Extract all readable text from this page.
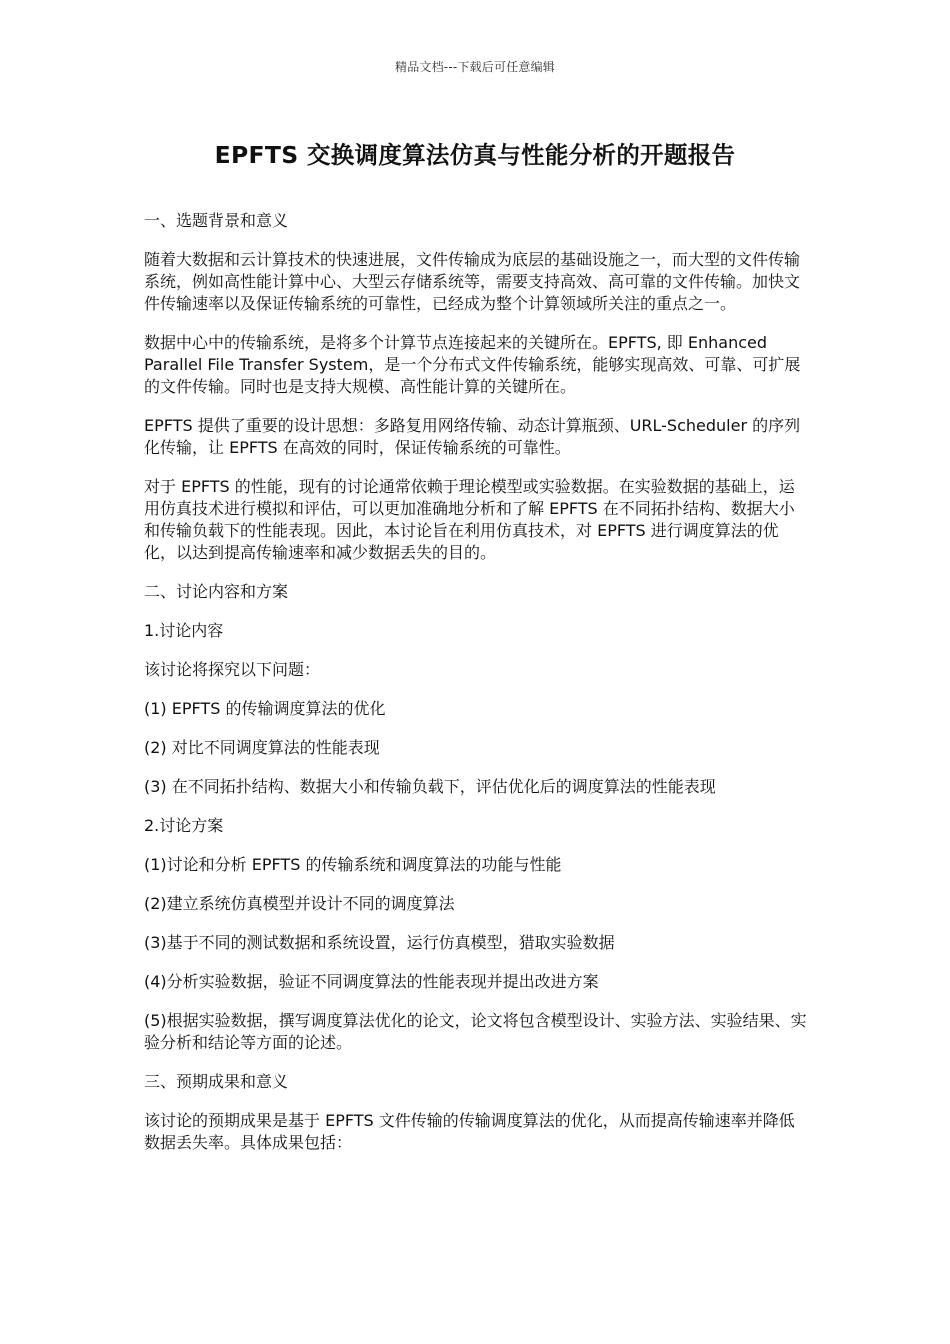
精品文档---下载后可任意编辑
EPFTS 交换调度算法仿真与性能分析的开题报告

一、选题背景和意义

随着大数据和云计算技术的快速进展，文件传输成为底层的基础设施之一，而大型的文件传输系统，例如高性能计算中心、大型云存储系统等，需要支持高效、高可靠的文件传输。加快文件传输速率以及保证传输系统的可靠性，已经成为整个计算领域所关注的重点之一。

数据中心中的传输系统，是将多个计算节点连接起来的关键所在。EPFTS, 即 Enhanced Parallel File Transfer System，是一个分布式文件传输系统，能够实现高效、可靠、可扩展的文件传输。同时也是支持大规模、高性能计算的关键所在。

EPFTS 提供了重要的设计思想：多路复用网络传输、动态计算瓶颈、URL-Scheduler 的序列化传输，让 EPFTS 在高效的同时，保证传输系统的可靠性。

对于 EPFTS 的性能，现有的讨论通常依赖于理论模型或实验数据。在实验数据的基础上，运用仿真技术进行模拟和评估，可以更加准确地分析和了解 EPFTS 在不同拓扑结构、数据大小和传输负载下的性能表现。因此，本讨论旨在利用仿真技术，对 EPFTS 进行调度算法的优化，以达到提高传输速率和减少数据丢失的目的。

二、讨论内容和方案

1.讨论内容

该讨论将探究以下问题：

(1) EPFTS 的传输调度算法的优化

(2) 对比不同调度算法的性能表现

(3) 在不同拓扑结构、数据大小和传输负载下，评估优化后的调度算法的性能表现

2.讨论方案

(1)讨论和分析 EPFTS 的传输系统和调度算法的功能与性能

(2)建立系统仿真模型并设计不同的调度算法

(3)基于不同的测试数据和系统设置，运行仿真模型，猎取实验数据

(4)分析实验数据，验证不同调度算法的性能表现并提出改进方案

(5)根据实验数据，撰写调度算法优化的论文，论文将包含模型设计、实验方法、实验结果、实验分析和结论等方面的论述。

三、预期成果和意义

该讨论的预期成果是基于 EPFTS 文件传输的传输调度算法的优化，从而提高传输速率并降低数据丢失率。具体成果包括：
